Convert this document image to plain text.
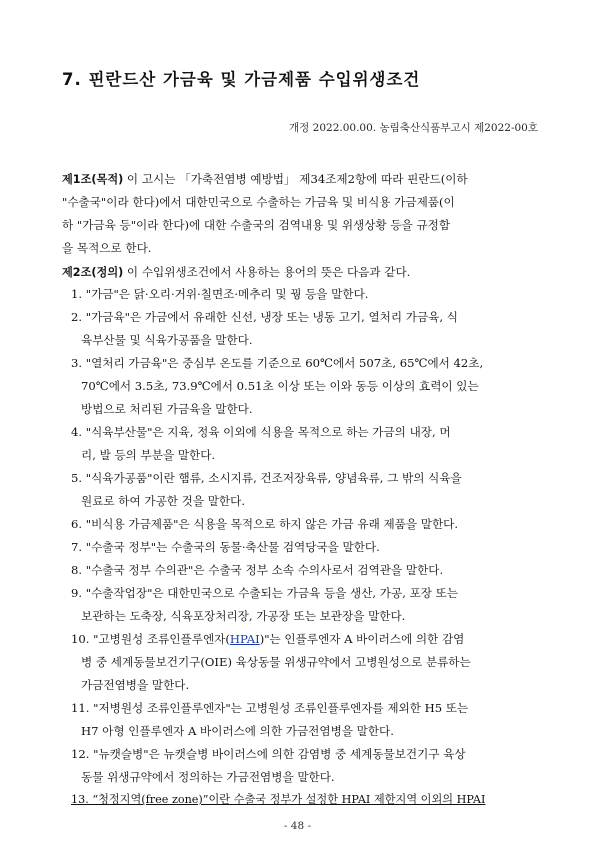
7. 핀란드산 가금육 및 가금제품 수입위생조건
개정 2022.00.00. 농림축산식품부고시 제2022-00호
제1조(목적) 이 고시는 「가축전염병 예방법」 제34조제2항에 따라 핀란드(이하
"수출국"이라 한다)에서 대한민국으로 수출하는 가금육 및 비식용 가금제품(이
하 "가금육 등"이라 한다)에 대한 수출국의 검역내용 및 위생상황 등을 규정함
을 목적으로 한다.
제2조(정의) 이 수입위생조건에서 사용하는 용어의 뜻은 다음과 같다.
1. "가금"은 닭·오리·거위·칠면조·메추리 및 꿩 등을 말한다.
2. "가금육"은 가금에서 유래한 신선, 냉장 또는 냉동 고기, 열처리 가금육, 식
육부산물 및 식육가공품을 말한다.
3. "열처리 가금육"은 중심부 온도를 기준으로 60℃에서 507초, 65℃에서 42초,
70℃에서 3.5초, 73.9℃에서 0.51초 이상 또는 이와 동등 이상의 효력이 있는
방법으로 처리된 가금육을 말한다.
4. "식육부산물"은 지육, 정육 이외에 식용을 목적으로 하는 가금의 내장, 머
리, 발 등의 부분을 말한다.
5. "식육가공품"이란 햄류, 소시지류, 건조저장육류, 양념육류, 그 밖의 식육을
원료로 하여 가공한 것을 말한다.
6. "비식용 가금제품"은 식용을 목적으로 하지 않은 가금 유래 제품을 말한다.
7. "수출국 정부"는 수출국의 동물·축산물 검역당국을 말한다.
8. "수출국 정부 수의관"은 수출국 정부 소속 수의사로서 검역관을 말한다.
9. "수출작업장"은 대한민국으로 수출되는 가금육 등을 생산, 가공, 포장 또는
보관하는 도축장, 식육포장처리장, 가공장 또는 보관장을 말한다.
10. "고병원성 조류인플루엔자(HPAI)"는 인플루엔자 A 바이러스에 의한 감염
병 중 세계동물보건기구(OIE) 육상동물 위생규약에서 고병원성으로 분류하는
가금전염병을 말한다.
11. "저병원성 조류인플루엔자"는 고병원성 조류인플루엔자를 제외한 H5 또는
H7 아형 인플루엔자 A 바이러스에 의한 가금전염병을 말한다.
12. "뉴캣슬병"은 뉴캣슬병 바이러스에 의한 감염병 중 세계동물보건기구 육상
동물 위생규약에서 정의하는 가금전염병을 말한다.
13. “청정지역(free zone)”이란 수출국 정부가 설정한 HPAI 제한지역 이외의 HPAI
- 48 -
